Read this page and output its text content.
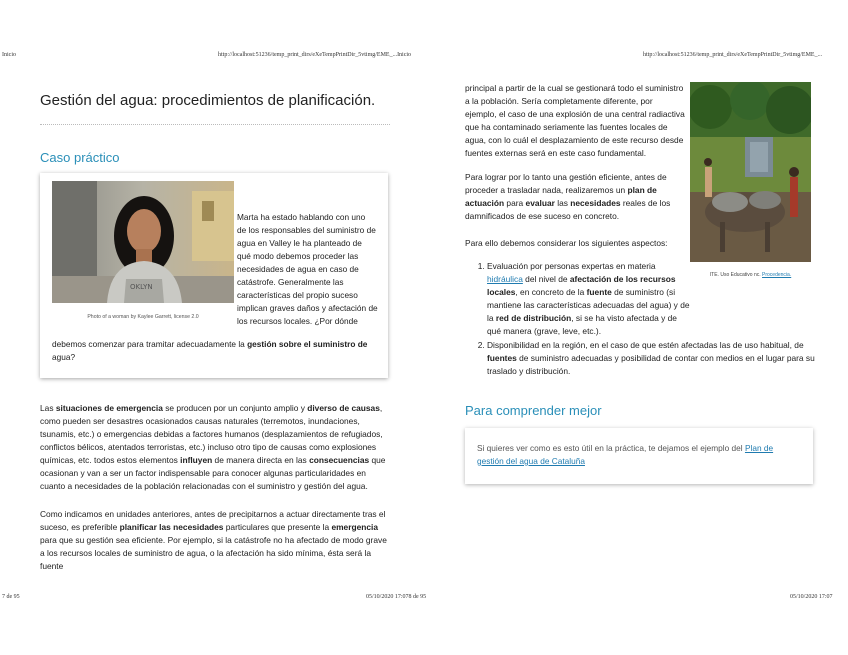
Inicio	http://localhost:51236/temp_print_dirs/eXeTempPrintDir_5vtimg/EME_...Inicio	http://localhost:51236/temp_print_dirs/eXeTempPrintDir_5vtimg/EME_...
7 de 95	05/10/2020 17:078 de 95	05/10/2020 17:07
Gestión del agua: procedimientos de planificación.
Caso práctico
OKLYN
Photo of a woman by Kaylee Garrett, license 2.0
Marta ha estado hablando con uno
de los responsables del suministro de
agua en Valley le ha planteado de
qué modo debemos proceder las
necesidades de agua en caso de
catástrofe. Generalmente las
características del propio suceso
implican graves daños y afectación de
los recursos locales. ¿Por dónde
debemos comenzar para tramitar adecuadamente la gestión sobre el suministro de agua?

Las situaciones de emergencia se producen por un conjunto amplio y diverso de causas, como pueden ser desastres ocasionados causas naturales (terremotos, inundaciones, tsunamis, etc.) o emergencias debidas a factores humanos (desplazamientos de refugiados, conflictos bélicos, atentados terroristas, etc.) incluso otro tipo de causas como explosiones químicas, etc. todos estos elementos influyen de manera directa en las consecuencias que ocasionan y van a ser un factor indispensable para conocer algunas particularidades en cuanto a necesidades de la población relacionadas con el suministro y gestión del agua.

Como indicamos en unidades anteriores, antes de precipitarnos a actuar directamente tras el suceso, es preferible planificar las necesidades particulares que presente la emergencia para que su gestión sea eficiente. Por ejemplo, si la catástrofe no ha afectado de modo grave a los recursos locales de suministro de agua, o la afectación ha sido mínima, ésta será la fuente

principal a partir de la cual se gestionará todo el suministro a la población. Sería completamente diferente, por ejemplo, el caso de una explosión de una central radiactiva que ha contaminado seriamente las fuentes locales de agua, con lo cuál el desplazamiento de este recurso desde fuentes externas será en este caso fundamental.

Para lograr por lo tanto una gestión eficiente, antes de proceder a trasladar nada, realizaremos un plan de actuación para evaluar las necesidades reales de los damnificados de ese suceso en concreto.

Para ello debemos considerar los siguientes aspectos:

ITE. Uso Educativo nc. Procedencia.
1. Evaluación por personas expertas en materia hidráulica del nivel de afectación de los recursos locales, en concreto de la fuente de suministro (si mantiene las características adecuadas del agua) y de la red de distribución, si se ha visto afectada y de qué manera (grave, leve, etc.).
2. Disponibilidad en la región, en el caso de que estén afectadas las de uso habitual, de fuentes de suministro adecuadas y posibilidad de contar con medios en el lugar para su traslado y distribución.
Para comprender mejor
Si quieres ver como es esto útil en la práctica, te dejamos el ejemplo del Plan de gestión del agua de Cataluña
